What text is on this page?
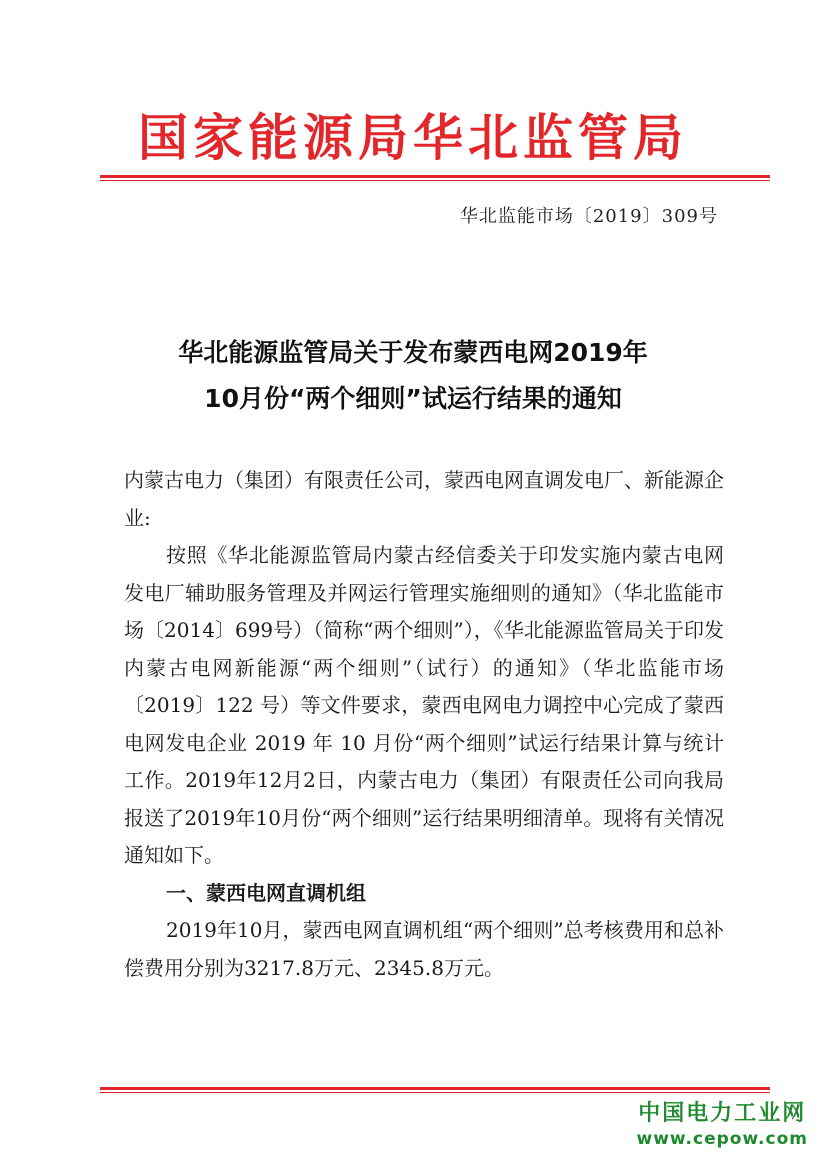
国家能源局华北监管局
华北监能市场〔2019〕309号
华北能源监管局关于发布蒙西电网2019年
10月份“两个细则”试运行结果的通知

内蒙古电力（集团）有限责任公司，蒙西电网直调发电厂、新能源企业:

按照《华北能源监管局内蒙古经信委关于印发实施内蒙古电网发电厂辅助服务管理及并网运行管理实施细则的通知》（华北监能市场〔2014〕699号）（简称“两个细则”），《华北能源监管局关于印发内蒙古电网新能源“两个细则”（试行）的通知》（华北监能市场〔2019〕122 号）等文件要求，蒙西电网电力调控中心完成了蒙西电网发电企业 2019 年 10 月份“两个细则”试运行结果计算与统计工作。2019年12月2日，内蒙古电力（集团）有限责任公司向我局报送了2019年10月份“两个细则”运行结果明细清单。现将有关情况通知如下。

一、蒙西电网直调机组

2019年10月，蒙西电网直调机组“两个细则”总考核费用和总补偿费用分别为3217.8万元、2345.8万元。

中国电力工业网
www.cepow.com
